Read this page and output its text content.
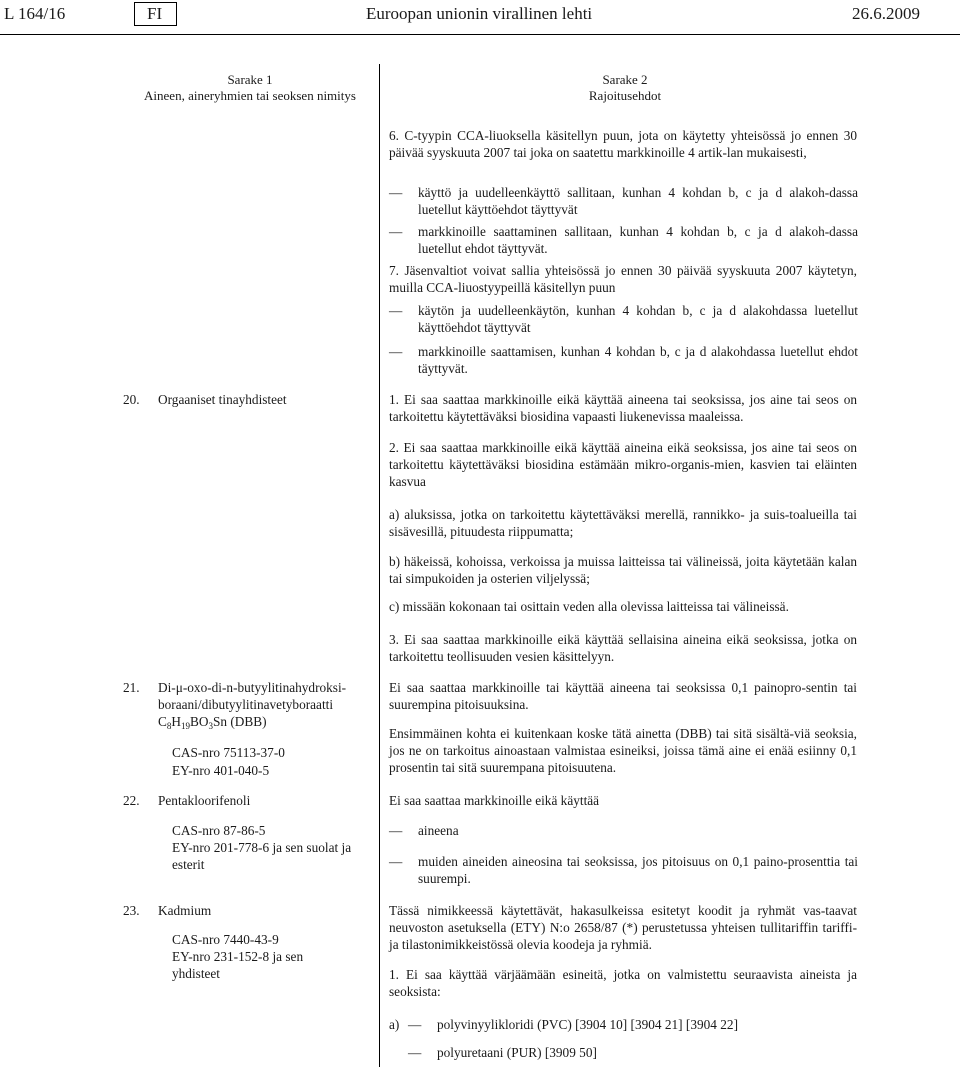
L 164/16	FI	Euroopan unionin virallinen lehti	26.6.2009
Sarake 1
Aineen, aineryhmien tai seoksen nimitys
Sarake 2
Rajoitusehdot
6. C-tyypin CCA-liuoksella käsitellyn puun, jota on käytetty yhteisössä jo ennen 30 päivää syyskuuta 2007 tai joka on saatettu markkinoille 4 artik-lan mukaisesti,
— käyttö ja uudelleenkäyttö sallitaan, kunhan 4 kohdan b, c ja d alakoh-dassa luetellut käyttöehdot täyttyvät
— markkinoille saattaminen sallitaan, kunhan 4 kohdan b, c ja d alakoh-dassa luetellut ehdot täyttyvät.
7. Jäsenvaltiot voivat sallia yhteisössä jo ennen 30 päivää syyskuuta 2007 käytetyn, muilla CCA-liuostyypeillä käsitellyn puun
— käytön ja uudelleenkäytön, kunhan 4 kohdan b, c ja d alakohdassa luetellut käyttöehdot täyttyvät
— markkinoille saattamisen, kunhan 4 kohdan b, c ja d alakohdassa luetellut ehdot täyttyvät.
20. Orgaaniset tinayhdisteet	1. Ei saa saattaa markkinoille eikä käyttää aineena tai seoksissa, jos aine tai seos on tarkoitettu käytettäväksi biosidina vapaasti liukenevissa maaleissa.
2. Ei saa saattaa markkinoille eikä käyttää aineina eikä seoksissa, jos aine tai seos on tarkoitettu käytettäväksi biosidina estämään mikro-organis-mien, kasvien tai eläinten kasvua
a) aluksissa, jotka on tarkoitettu käytettäväksi merellä, rannikko- ja suis-toalueilla tai sisävesillä, pituudesta riippumatta;
b) häkeissä, kohoissa, verkoissa ja muissa laitteissa tai välineissä, joita käytetään kalan tai simpukoiden ja osterien viljelyssä;
c) missään kokonaan tai osittain veden alla olevissa laitteissa tai välineissä.
3. Ei saa saattaa markkinoille eikä käyttää sellaisina aineina eikä seoksissa, jotka on tarkoitettu teollisuuden vesien käsittelyyn.
21. Di-μ-oxo-di-n-butyylitinahydroksi-
boraani/dibutyylitinavetyboraatti
$C_8H_{19}BO_3Sn$ (DBB)
CAS-nro 75113-37-0
EY-nro 401-040-5
Ei saa saattaa markkinoille tai käyttää aineena tai seoksissa 0,1 painopro-sentin tai suurempina pitoisuuksina.
Ensimmäinen kohta ei kuitenkaan koske tätä ainetta (DBB) tai sitä sisältä-viä seoksia, jos ne on tarkoitus ainoastaan valmistaa esineiksi, joissa tämä aine ei enää esiinny 0,1 prosentin tai sitä suurempana pitoisuutena.
22. Pentakloorifenoli
CAS-nro 87-86-5
EY-nro 201-778-6 ja sen suolat ja esterit
Ei saa saattaa markkinoille eikä käyttää
— aineena
— muiden aineiden aineosina tai seoksissa, jos pitoisuus on 0,1 paino-prosenttia tai suurempi.
23. Kadmium
CAS-nro 7440-43-9
EY-nro 231-152-8 ja sen yhdisteet
Tässä nimikkeessä käytettävät, hakasulkeissa esitetyt koodit ja ryhmät vas-taavat neuvoston asetuksella (ETY) N:o 2658/87 (*) perustetussa yhteisen tullitariffin tariffi- ja tilastonimikkeistössä olevia koodeja ja ryhmiä.
1. Ei saa käyttää värjäämään esineitä, jotka on valmistettu seuraavista aineista ja seoksista:
a)
—	polyvinyylikloridi (PVC) [3904 10] [3904 21] [3904 22]
— polyuretaani (PUR) [3909 50]
